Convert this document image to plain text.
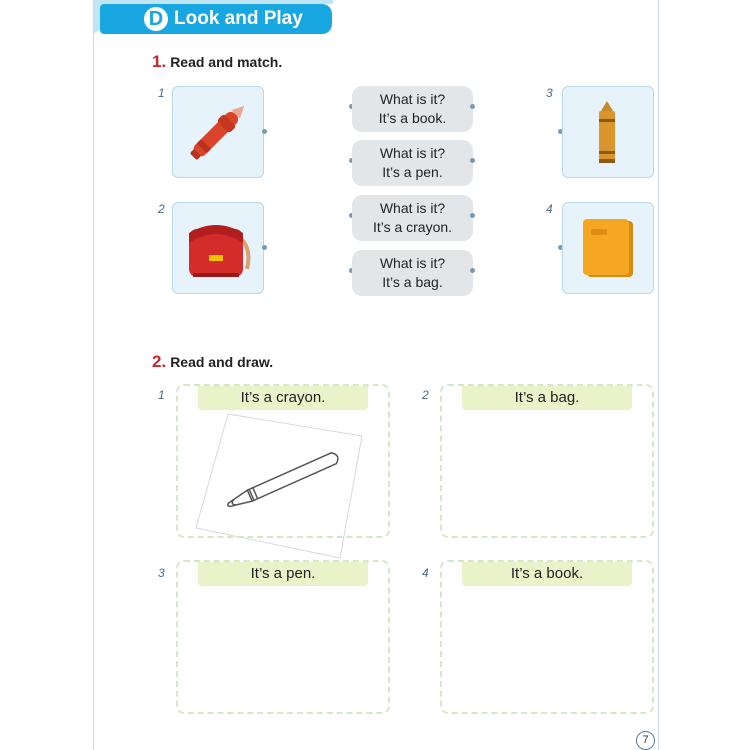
D Look and Play
1. Read and match.
1
2
What is it?
It’s a book.
What is it?
It’s a pen.
What is it?
It’s a crayon.
What is it?
It’s a bag.
3
4
2. Read and draw.
1	It’s a crayon.	2	It’s a bag.
3	It’s a pen.	4	It’s a book.
7
